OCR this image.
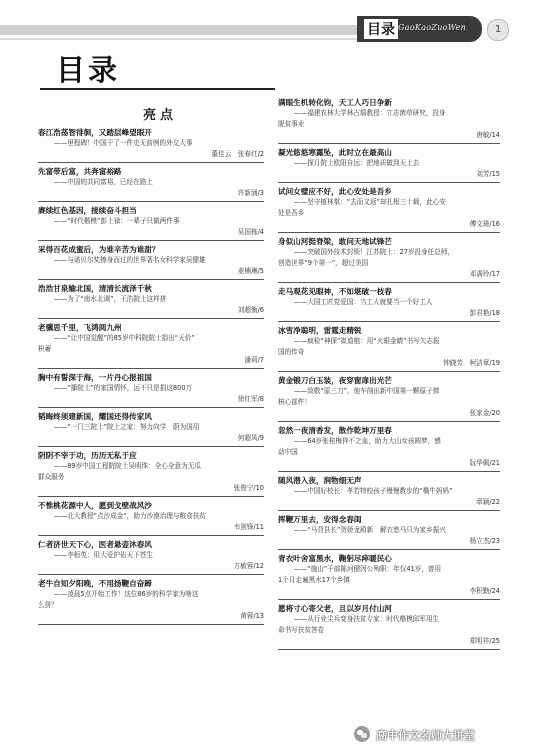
目录 GaoKaoZuoWen	1
目录
亮点
春江浩荡智徘徊，又踏层峰望眼开
——里程碑！中国干了一件史无前例的外交大事
董佳云　张春红/2
先富带后富，共奔富裕路
——中国的共同富裕，已经在路上
许新涵/3
赓续红色基因，接续奋斗担当
——“时代楷模”彭士禄：一辈子只做两件事
吴国栋/4
采得百花成蜜后，为谁辛苦为谁甜？
——与诺贝尔奖擦身而过的世界著名女科学家吴健雄
麦楠琳/5
浩浩甘泉输北国，清清长流泽千秋
——为了“南水北调”，王浩院士这样拼
刘超衡/6
老骥思千里，飞鸿阅九州
——“让中国觉醒”的85岁中科院院士捐出“天价”
积蓄
潘莉/7
胸中有誓深于海，一片丹心报祖国
——“播院士”的家国情怀，远不只是捐这800万
徐红军/8
韬晦终须建新国，耀国还得传家风
——“一门三院士”院士之家：努力向学　蔚为国用
何超凤/9
阴阴不宰于功，历历无私于应
——89岁中国工程院院士吴明珠：全心全意为无瓜
群众服务
张俊宁/10
不惟桃花源中人，愿到戈壁战风沙
——北大教授“点沙成金”，助力沙漠治理与粮食扶贫
韦剑锋/11
仁者济世天下心，医者悬壶沐春风
——李桓英：用大爱护佑天下苍生
方敏蓉/12
老牛自知夕阳晚，不用扬鞭自奋蹄
——凌晨5点开始工作！这位86岁的科学家为啥这
么拼？
黄蓉/13
满眼生机转化钧，天工人巧日争新
——福建农林大学林占熺教授：立志菌草研究，投身
脱贫事业
唐敏/14
凝光悠悠寒露坠，此时立在最高山
——探月院士欧阳自远：把地质做到天上去
刘芳/15
试问女璧应不好，此心安处是吾乡
——坚守植林棠：“去而又返”却扎根三十载，此心安
处是吾乡
傅文琦/16
身似山河挺脊梁，敢问天地试锋芒
——突破国外技术封锁！江苏院士：27岁投身任总师，
创造世界“9个第一”，超过美国
邓满玲/17
走马观花见眼神，不如堪破一枝春
——大国工匠党爱国：当工人就要当一个好工人
彭君艳/18
冰雪净聪明，雷霆走精锐
——疯检“神探”崔道植：用“火眼金睛”书写矢志报
国的传奇
钟晓芳　柯洁章/19
黄金锻刀白玉装，夜穿窗扉出光芒
——致敬“原三刀”，他车削出新中国第一颗原子弹
核心部件！
张家金/20
忽然一夜清香发，散作乾坤万里春
——64岁张桂梅猝不之血，助力大山女孩圆梦，感
动中国
阮华佩/21
随风潜入夜，润物细无声
——中国好校长：孝若特校孩子慢慢教步的“椭牛妈妈”
章颖/22
挥鞭万里去，安得念春闺
——“马背县长”贺娇龙殿新　解衣愁马只为家乡振兴
杨立杰/23
青衣叶舍富黑水，鞠躬尽瘁暖民心
——“施山”干部陈河健因公殉职：年仅41岁，曾用
1个月走遍黑水17个乡镇
李积勤/24
愿将寸心寄父老，且以岁月付山河
——从行业尖兵变身扶贫专家：时代楷模邱军用生
命书写扶贫答卷
郑明祥/25
高中作文名师大讲堂
